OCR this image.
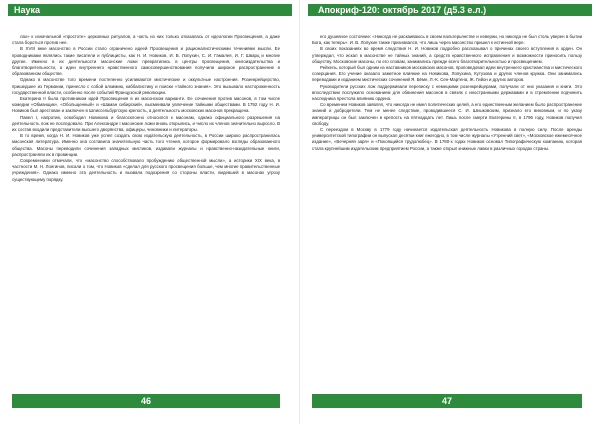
Наука

лах» к изначальной «простоте» церковных ритуалов, а часть из них только отказалась от идеологии Просвещения, а даже стала бороться против нее.

В XVIII веке масонство в России стало ограничено идеей Просвещения и рационалистическими течениями мысли. Ее проводниками являлись такие писатели и публицисты, как Н. И. Новиков, И. В. Лопухин, С. И. Гамалея, И. Г. Шварц и многие другие. Именно в их деятельности масонские ложи превратились в центры просвещения, книгоиздательства и благотворительности, а идеи внутреннего нравственного самосовершенствования получили широкое распространение в образованном обществе.

Однако в масонстве того времени постепенно усиливаются мистические и оккультные настроения. Розенкрейцерство, пришедшее из Германии, принесло с собой алхимию, каббалистику и поиски «тайного знания». Это вызывало настороженность государственной власти, особенно после событий Французской революции.

Екатерина II была противником идей Просвещения в их масонском варианте. Ее сочинения против масонов, в том числе комедии «Обманщик», «Обольщенный» и «Шаман сибирский», высмеивали увлечение тайными обществами. В 1792 году Н. И. Новиков был арестован и заключен в Шлиссельбургскую крепость, а деятельность московских масонов прекращена.

Павел I, напротив, освободил Новикова и благосклонно относился к масонам, однако официального разрешения на деятельность лож не последовало. При Александре I масонские ложи вновь открылись, и число их членов значительно выросло. В их состав входили представители высшего дворянства, офицеры, чиновники и литераторы.

В то время, когда Н. И. Новиков уже успел создать свою издательскую деятельность, в России широко распространилась масонская литература. Именно она составила значительную часть того чтения, которое формировало взгляды образованного общества. Масоны переводили сочинения западных мистиков, издавали журналы и нравственно-назидательные книги, распространяли их в провинции.

Современники отмечали, что «масонство способствовало пробуждению общественной мысли», а историки XIX века, в частности М. Н. Лонгинов, писали о том, что Новиков «сделал для русского просвещения больше, чем многие правительственные учреждения». Однако именно эта деятельность и вызвала подозрения со стороны власти, видевшей в масонах угрозу существующему порядку.

46
Апокриф-120: октябрь 2017 (д5.3 е.л.)

его душевное состояние: «Никогда не раскаиваюсь в своем вольтерьянстве и неверии, но никогда не был столь уверен в бытии Бога, как теперь». И. В. Лопухин также признавался, что лишь через масонство пришел к истинной вере.

В своих показаниях во время следствия Н. И. Новиков подробно рассказывал о причинах своего вступления в орден. Он утверждал, что искал в масонстве не тайных знаний, а средств нравственного исправления и возможности приносить пользу обществу. Московские масоны, по его словам, занимались прежде всего благотворительностью и просвещением.

Рейхель, который был одним из наставников московских масонов, проповедовал идеи внутреннего христианства и мистического созерцания. Его учение оказало заметное влияние на Новикова, Лопухина, Кутузова и других членов кружка. Они занимались переводами и изданием мистических сочинений Я. Бёме, Л.-К. Сен-Мартена, Ж. Гийон и других авторов.

Руководители русских лож поддерживали переписку с немецкими розенкрейцерами, получали от них указания и книги. Это впоследствии послужило основанием для обвинения масонов в связях с иностранными державами и в стремлении подчинить наследника престола влиянию ордена.

Со временем Новиков заявлял, что никогда не имел политических целей, а его единственным желанием было распространение знаний и добродетели. Тем не менее следствие, проводившееся С. И. Шешковским, признало его виновным, и по указу императрицы он был заключен в крепость на пятнадцать лет. Лишь после смерти Екатерины II, в 1796 году, Новиков получил свободу.

С переездом в Москву в 1779 году начинается издательская деятельность Новикова в полную силу. После аренды университетской типографии он выпускал десятки книг ежегодно, в том числе журналы «Утренний свет», «Московское ежемесячное издание», «Вечерняя заря» и «Покоящийся трудолюбец». В 1780-х годах Новиков основал Типографическую компанию, которая стала крупнейшим издательским предприятием России, а также открыл книжные лавки в различных городах страны.

47
